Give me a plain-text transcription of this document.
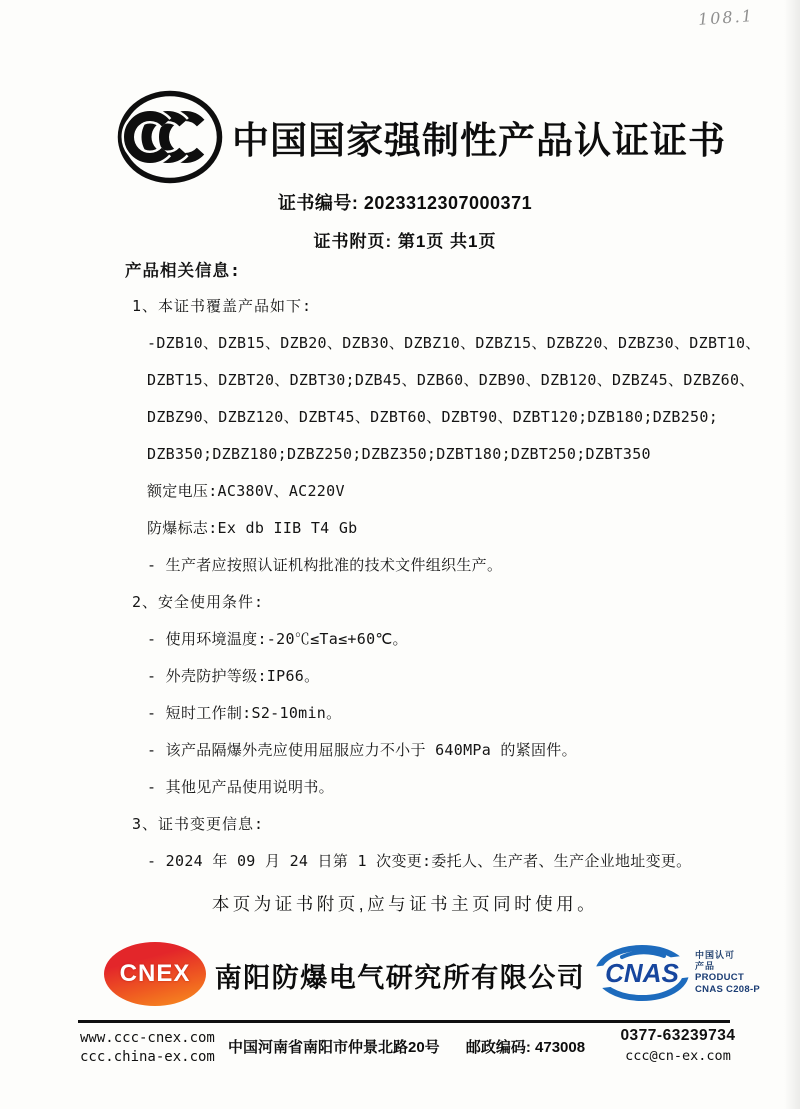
108.1
中国国家强制性产品认证证书
证书编号: 2023312307000371
证书附页: 第1页 共1页
产品相关信息:
1、本证书覆盖产品如下:
-DZB10、DZB15、DZB20、DZB30、DZBZ10、DZBZ15、DZBZ20、DZBZ30、DZBT10、
DZBT15、DZBT20、DZBT30;DZB45、DZB60、DZB90、DZB120、DZBZ45、DZBZ60、
DZBZ90、DZBZ120、DZBT45、DZBT60、DZBT90、DZBT120;DZB180;DZB250;
DZB350;DZBZ180;DZBZ250;DZBZ350;DZBT180;DZBT250;DZBT350
额定电压:AC380V、AC220V
防爆标志:Ex db IIB T4 Gb
- 生产者应按照认证机构批准的技术文件组织生产。
2、安全使用条件:
- 使用环境温度:-20℃≤Ta≤+60℃。
- 外壳防护等级:IP66。
- 短时工作制:S2-10min。
- 该产品隔爆外壳应使用屈服应力不小于 640MPa 的紧固件。
- 其他见产品使用说明书。
3、证书变更信息:
- 2024 年 09 月 24 日第 1 次变更:委托人、生产者、生产企业地址变更。
本页为证书附页,应与证书主页同时使用。
CNEX 南阳防爆电气研究所有限公司 CNAS
中国认可
产品
PRODUCT
CNAS C208-P
www.ccc-cnex.com
ccc.china-ex.com
中国河南省南阳市仲景北路20号 邮政编码: 473008
0377-63239734
ccc@cn-ex.com
